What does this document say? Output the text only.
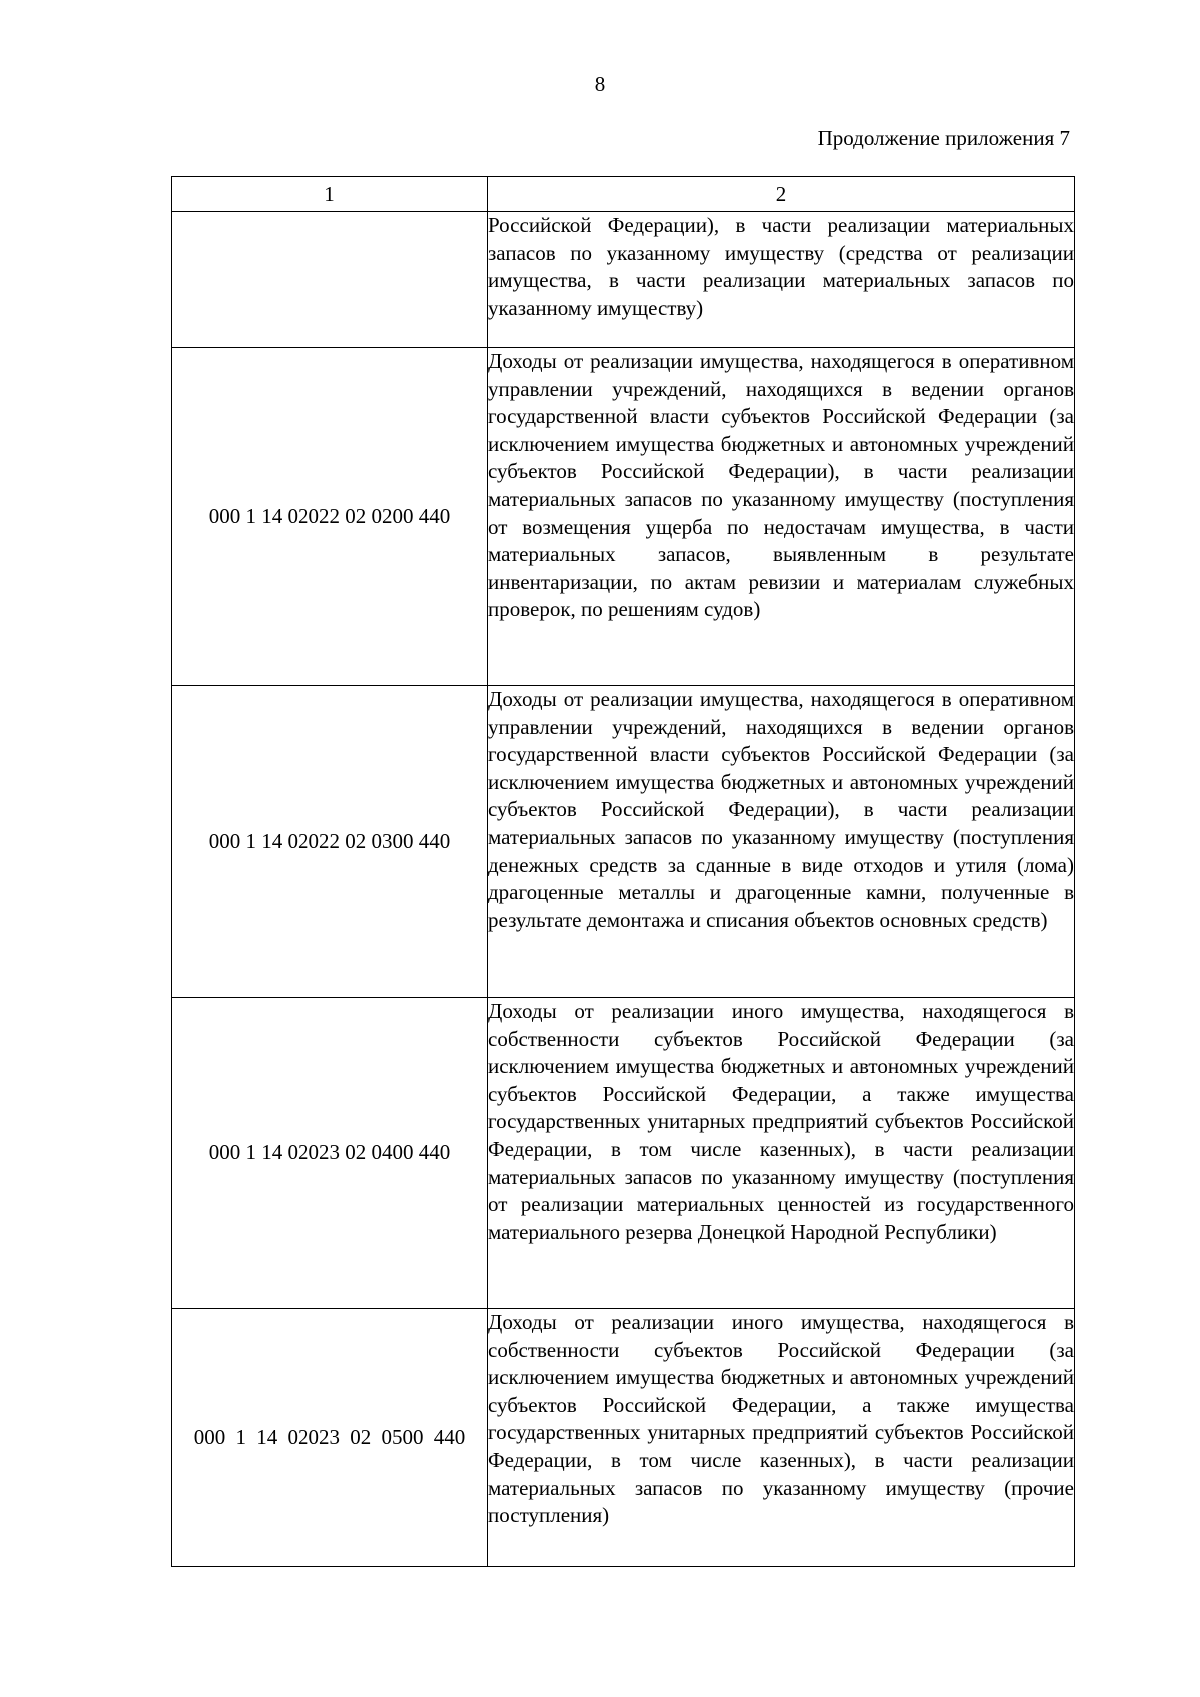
8
Продолжение приложения 7
1	2
	Российской Федерации), в части реализации материальных запасов по указанному имуществу (средства от реализации имущества, в части реализации материальных запасов по указанному имуществу)
000 1 14 02022 02 0200 440	Доходы от реализации имущества, находящегося в оперативном управлении учреждений, находящихся в ведении органов государственной власти субъектов Российской Федерации (за исключением имущества бюджетных и автономных учреждений субъектов Российской Федерации), в части реализации материальных запасов по указанному имуществу (поступления от возмещения ущерба по недостачам имущества, в части материальных запасов, выявленным в результате инвентаризации, по актам ревизии и материалам служебных проверок, по решениям судов)
000 1 14 02022 02 0300 440	Доходы от реализации имущества, находящегося в оперативном управлении учреждений, находящихся в ведении органов государственной власти субъектов Российской Федерации (за исключением имущества бюджетных и автономных учреждений субъектов Российской Федерации), в части реализации материальных запасов по указанному имуществу (поступления денежных средств за сданные в виде отходов и утиля (лома) драгоценные металлы и драгоценные камни, полученные в результате демонтажа и списания объектов основных средств)
000 1 14 02023 02 0400 440	Доходы от реализации иного имущества, находящегося в собственности субъектов Российской Федерации (за исключением имущества бюджетных и автономных учреждений субъектов Российской Федерации, а также имущества государственных унитарных предприятий субъектов Российской Федерации, в том числе казенных), в части реализации материальных запасов по указанному имуществу (поступления от реализации материальных ценностей из государственного материального резерва Донецкой Народной Республики)
000 1 14 02023 02 0500 440	Доходы от реализации иного имущества, находящегося в собственности субъектов Российской Федерации (за исключением имущества бюджетных и автономных учреждений субъектов Российской Федерации, а также имущества государственных унитарных предприятий субъектов Российской Федерации, в том числе казенных), в части реализации материальных запасов по указанному имуществу (прочие поступления)
